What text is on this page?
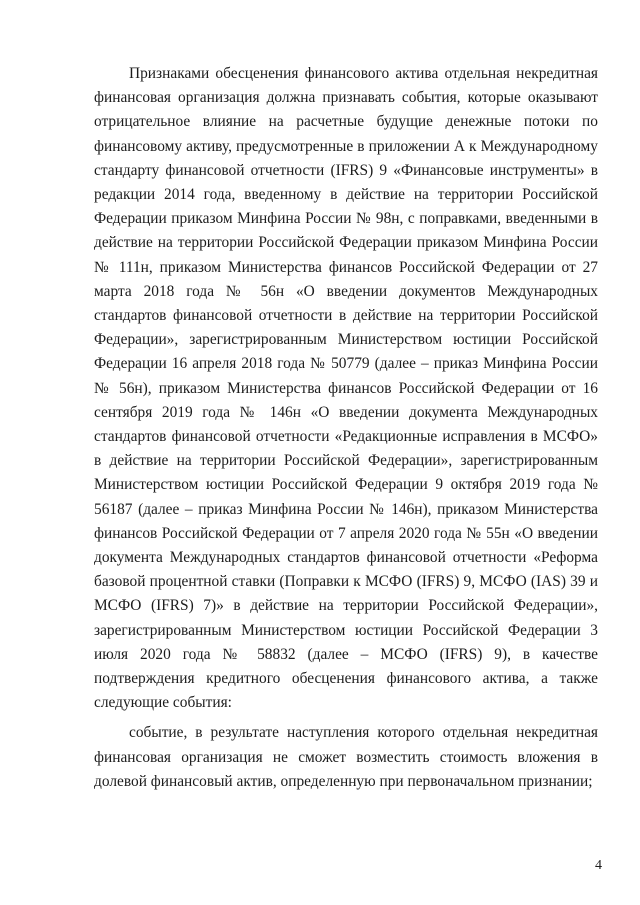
Признаками обесценения финансового актива отдельная некредитная финансовая организация должна признавать события, которые оказывают отрицательное влияние на расчетные будущие денежные потоки по финансовому активу, предусмотренные в приложении А к Международному стандарту финансовой отчетности (IFRS) 9 «Финансовые инструменты» в редакции 2014 года, введенному в действие на территории Российской Федерации приказом Минфина России № 98н, с поправками, введенными в действие на территории Российской Федерации приказом Минфина России № 111н, приказом Министерства финансов Российской Федерации от 27 марта 2018 года № 56н «О введении документов Международных стандартов финансовой отчетности в действие на территории Российской Федерации», зарегистрированным Министерством юстиции Российской Федерации 16 апреля 2018 года № 50779 (далее – приказ Минфина России № 56н), приказом Министерства финансов Российской Федерации от 16 сентября 2019 года № 146н «О введении документа Международных стандартов финансовой отчетности «Редакционные исправления в МСФО» в действие на территории Российской Федерации», зарегистрированным Министерством юстиции Российской Федерации 9 октября 2019 года № 56187 (далее – приказ Минфина России № 146н), приказом Министерства финансов Российской Федерации от 7 апреля 2020 года № 55н «О введении документа Международных стандартов финансовой отчетности «Реформа базовой процентной ставки (Поправки к МСФО (IFRS) 9, МСФО (IAS) 39 и МСФО (IFRS) 7)» в действие на территории Российской Федерации», зарегистрированным Министерством юстиции Российской Федерации 3 июля 2020 года № 58832 (далее – МСФО (IFRS) 9), в качестве подтверждения кредитного обесценения финансового актива, а также следующие события:

событие, в результате наступления которого отдельная некредитная финансовая организация не сможет возместить стоимость вложения в долевой финансовый актив, определенную при первоначальном признании;

4
